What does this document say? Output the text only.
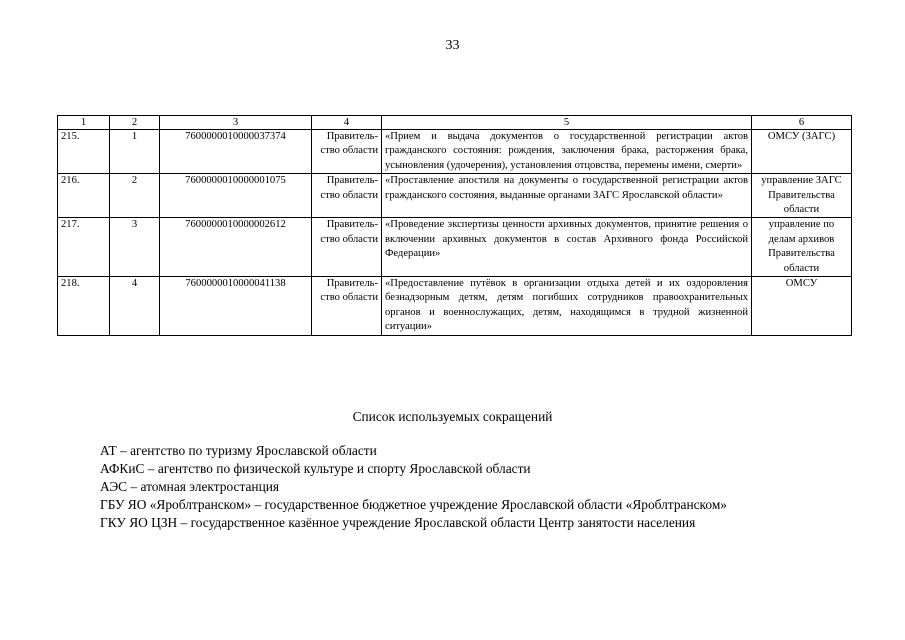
33
1	2	3	4	5	6
215.	1	7600000010000037374	Правитель-ство области	«Прием и выдача документов о государственной регистрации актов гражданского состояния: рождения, заключения брака, расторжения брака, усыновления (удочерения), установления отцовства, перемены имени, смерти»	ОМСУ (ЗАГС)
216.	2	7600000010000001075	Правитель-ство области	«Проставление апостиля на документы о государственной регистрации актов гражданского состояния, выданные органами ЗАГС Ярославской области»	управление ЗАГС Правительства области
217.	3	7600000010000002612	Правитель-ство области	«Проведение экспертизы ценности архивных документов, принятие решения о включении архивных документов в состав Архивного фонда Российской Федерации»	управление по делам архивов Правительства области
218.	4	7600000010000041138	Правитель-ство области	«Предоставление путёвок в организации отдыха детей и их оздоровления безнадзорным детям, детям погибших сотрудников правоохранительных органов и военнослужащих, детям, находящимся в трудной жизненной ситуации»	ОМСУ
Список используемых сокращений
АТ – агентство по туризму Ярославской области
АФКиС – агентство по физической культуре и спорту Ярославской области
АЭС – атомная электростанция
ГБУ ЯО «Яроблтранском» – государственное бюджетное учреждение Ярославской области «Яроблтранском»
ГКУ ЯО ЦЗН – государственное казённое учреждение Ярославской области Центр занятости населения
